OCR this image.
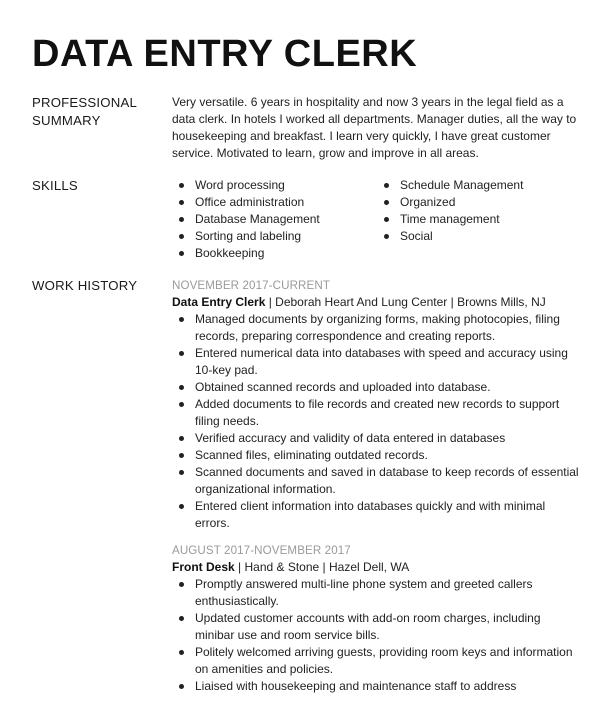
DATA ENTRY CLERK
PROFESSIONAL
SUMMARY

Very versatile. 6 years in hospitality and now 3 years in the legal field as a data clerk. In hotels I worked all departments. Manager duties, all the way to housekeeping and breakfast. I learn very quickly, I have great customer service. Motivated to learn, grow and improve in all areas.

SKILLS	Word processing
Office administration
Database Management
Sorting and labeling
Bookkeeping
Schedule Management
Organized
Time management
Social
WORK HISTORY	NOVEMBER 2017-CURRENT
Data Entry Clerk | Deborah Heart And Lung Center | Browns Mills, NJ
Managed documents by organizing forms, making photocopies, filing records, preparing correspondence and creating reports.
Entered numerical data into databases with speed and accuracy using 10-key pad.
Obtained scanned records and uploaded into database.
Added documents to file records and created new records to support filing needs.
Verified accuracy and validity of data entered in databases
Scanned files, eliminating outdated records.
Scanned documents and saved in database to keep records of essential organizational information.
Entered client information into databases quickly and with minimal errors.
AUGUST 2017-NOVEMBER 2017
Front Desk | Hand & Stone | Hazel Dell, WA
Promptly answered multi-line phone system and greeted callers enthusiastically.
Updated customer accounts with add-on room charges, including minibar use and room service bills.
Politely welcomed arriving guests, providing room keys and information on amenities and policies.
Liaised with housekeeping and maintenance staff to address
